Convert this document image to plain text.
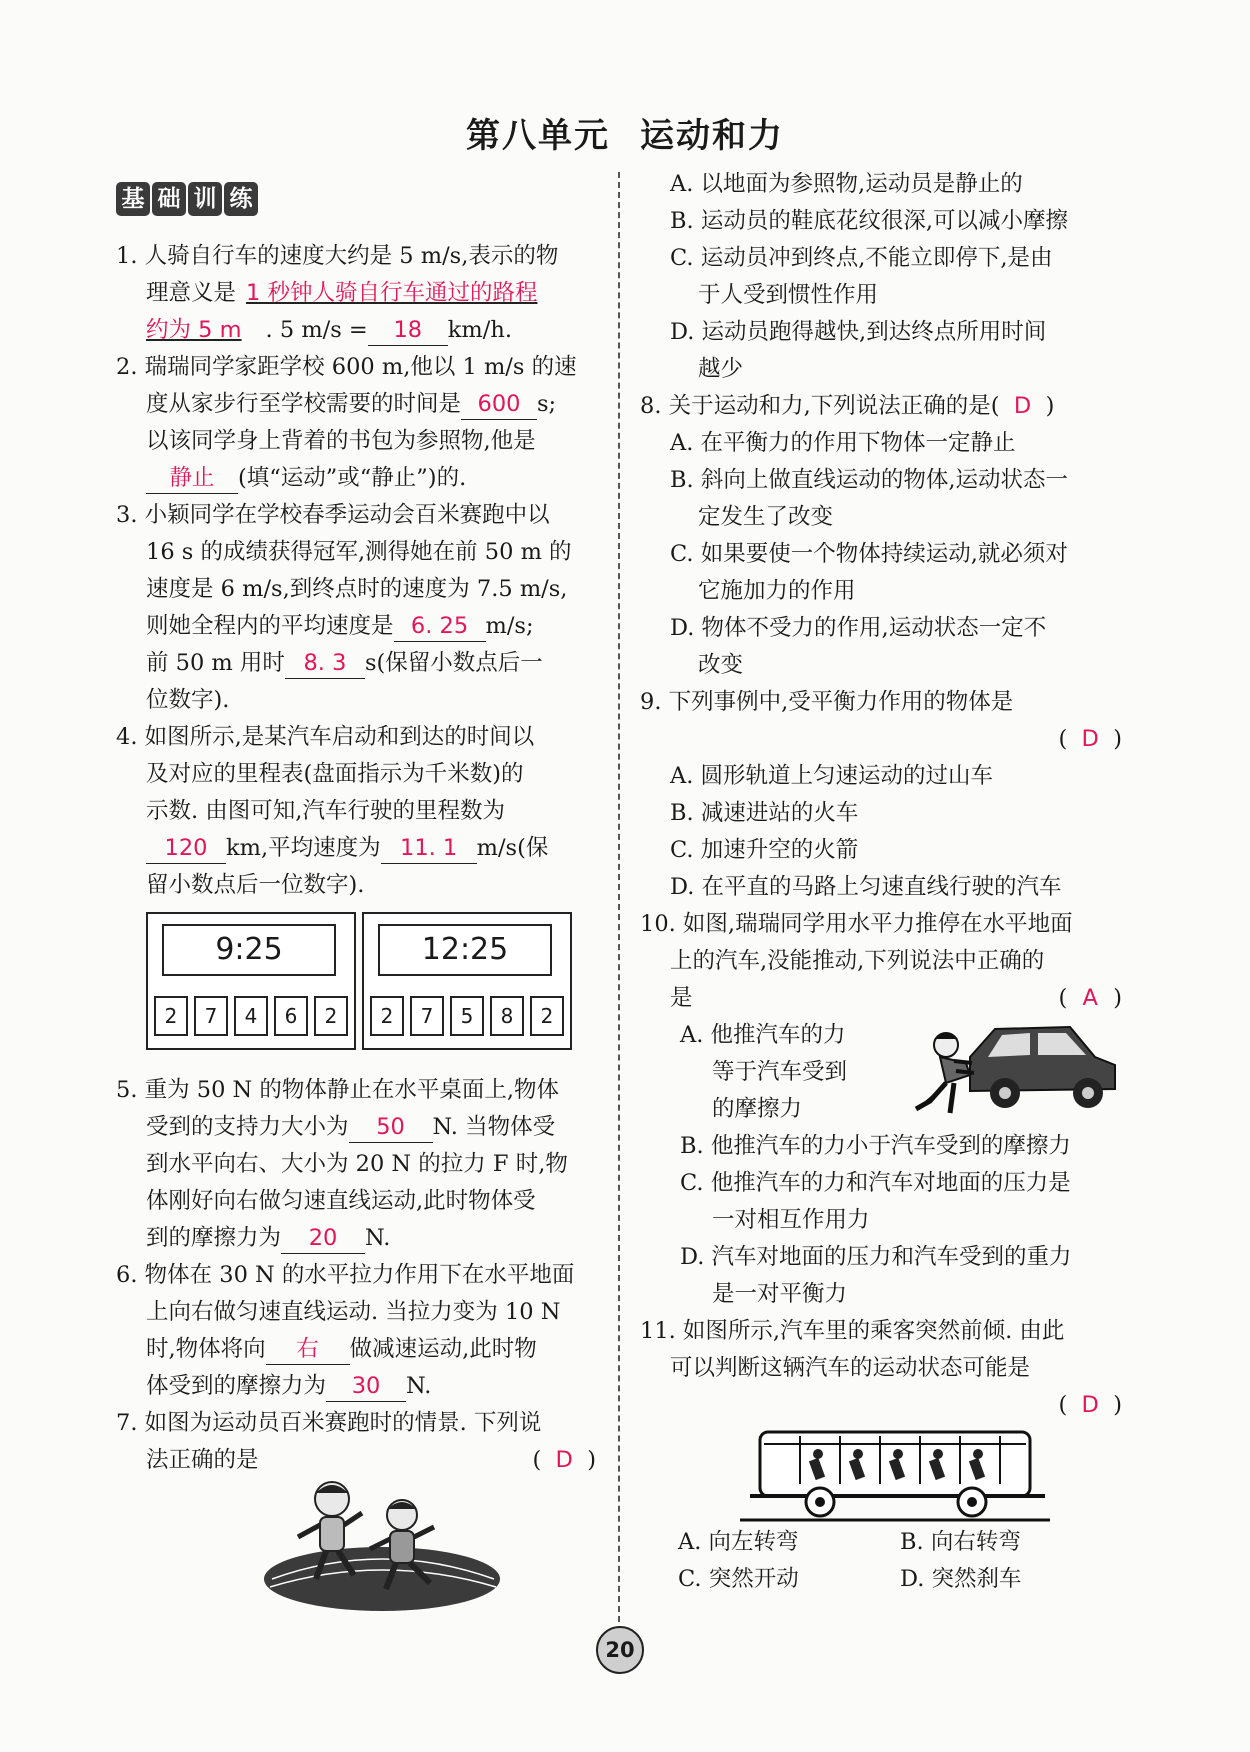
第八单元 运动和力
基 础 训 练
1. 人骑自行车的速度大约是 5 m/s,表示的物
理意义是 1 秒钟人骑自行车通过的路程
约为 5 m . 5 m/s = 18 km/h.
2. 瑞瑞同学家距学校 600 m,他以 1 m/s 的速
度从家步行至学校需要的时间是 600 s;
以该同学身上背着的书包为参照物,他是
静止 (填“运动”或“静止”)的.
3. 小颖同学在学校春季运动会百米赛跑中以
16 s 的成绩获得冠军,测得她在前 50 m 的
速度是 6 m/s,到终点时的速度为 7.5 m/s,
则她全程内的平均速度是 6. 25 m/s;
前 50 m 用时 8. 3 s(保留小数点后一
位数字).
4. 如图所示,是某汽车启动和到达的时间以
及对应的里程表(盘面指示为千米数)的
示数. 由图可知,汽车行驶的里程数为
120 km,平均速度为 11. 1 m/s(保
留小数点后一位数字).
9:25
2	7	4	6	2
12:25
2	7	5	8	2
5. 重为 50 N 的物体静止在水平桌面上,物体
受到的支持力大小为 50 N. 当物体受
到水平向右、大小为 20 N 的拉力 F 时,物
体刚好向右做匀速直线运动,此时物体受
到的摩擦力为 20 N.
6. 物体在 30 N 的水平拉力作用下在水平地面
上向右做匀速直线运动. 当拉力变为 10 N
时,物体将向 右 做减速运动,此时物
体受到的摩擦力为 30 N.
7. 如图为运动员百米赛跑时的情景. 下列说
法正确的是	( D )
A. 以地面为参照物,运动员是静止的
B. 运动员的鞋底花纹很深,可以减小摩擦
C. 运动员冲到终点,不能立即停下,是由
于人受到惯性作用
D. 运动员跑得越快,到达终点所用时间
越少
8. 关于运动和力,下列说法正确的是( D )
A. 在平衡力的作用下物体一定静止
B. 斜向上做直线运动的物体,运动状态一
定发生了改变
C. 如果要使一个物体持续运动,就必须对
它施加力的作用
D. 物体不受力的作用,运动状态一定不
改变
9. 下列事例中,受平衡力作用的物体是
( D )
A. 圆形轨道上匀速运动的过山车
B. 减速进站的火车
C. 加速升空的火箭
D. 在平直的马路上匀速直线行驶的汽车
10. 如图,瑞瑞同学用水平力推停在水平地面
上的汽车,没能推动,下列说法中正确的
是	( A )
A. 他推汽车的力
等于汽车受到
的摩擦力
B. 他推汽车的力小于汽车受到的摩擦力
C. 他推汽车的力和汽车对地面的压力是
一对相互作用力
D. 汽车对地面的压力和汽车受到的重力
是一对平衡力
11. 如图所示,汽车里的乘客突然前倾. 由此
可以判断这辆汽车的运动状态可能是
( D )
A. 向左转弯	B. 向右转弯
C. 突然开动	D. 突然刹车
20
